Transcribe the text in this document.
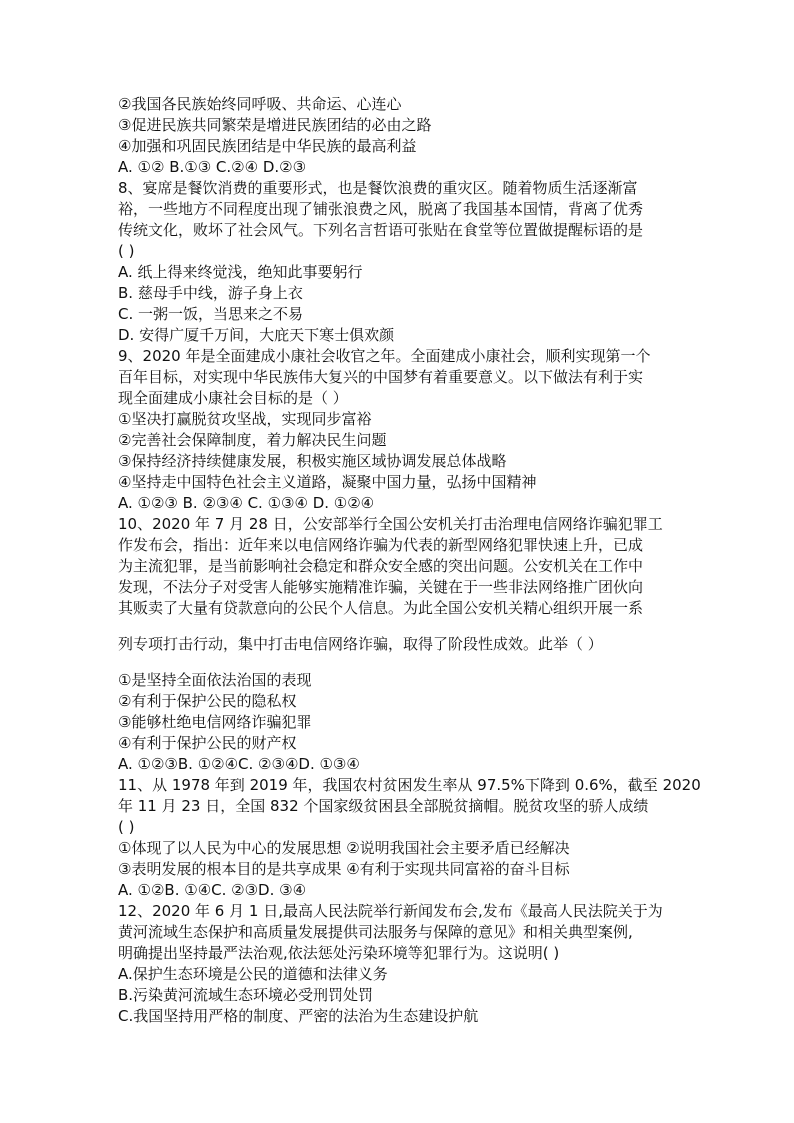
②我国各民族始终同呼吸、共命运、心连心
③促进民族共同繁荣是增进民族团结的必由之路
④加强和巩固民族团结是中华民族的最高利益
A. ①② B.①③ C.②④ D.②③
8、宴席是餐饮消费的重要形式，也是餐饮浪费的重灾区。随着物质生活逐渐富
裕，一些地方不同程度出现了铺张浪费之风，脱离了我国基本国情，背离了优秀
传统文化，败坏了社会风气。下列名言哲语可张贴在食堂等位置做提醒标语的是
( )
A. 纸上得来终觉浅，绝知此事要躬行
B. 慈母手中线，游子身上衣
C. 一粥一饭，当思来之不易
D. 安得广厦千万间，大庇天下寒士俱欢颜
9、2020 年是全面建成小康社会收官之年。全面建成小康社会，顺利实现第一个
百年目标，对实现中华民族伟大复兴的中国梦有着重要意义。以下做法有利于实
现全面建成小康社会目标的是（ ）
①坚决打赢脱贫攻坚战，实现同步富裕
②完善社会保障制度，着力解决民生问题
③保持经济持续健康发展，积极实施区域协调发展总体战略
④坚持走中国特色社会主义道路，凝聚中国力量，弘扬中国精神
A. ①②③ B. ②③④ C. ①③④ D. ①②④
10、2020 年 7 月 28 日，公安部举行全国公安机关打击治理电信网络诈骗犯罪工
作发布会，指出：近年来以电信网络诈骗为代表的新型网络犯罪快速上升，已成
为主流犯罪，是当前影响社会稳定和群众安全感的突出问题。公安机关在工作中
发现，不法分子对受害人能够实施精准诈骗，关键在于一些非法网络推广团伙向
其贩卖了大量有贷款意向的公民个人信息。为此全国公安机关精心组织开展一系
列专项打击行动，集中打击电信网络诈骗，取得了阶段性成效。此举（ ）
①是坚持全面依法治国的表现
②有利于保护公民的隐私权
③能够杜绝电信网络诈骗犯罪
④有利于保护公民的财产权
A. ①②③B. ①②④C. ②③④D. ①③④
11、从 1978 年到 2019 年，我国农村贫困发生率从 97.5%下降到 0.6%，截至 2020
年 11 月 23 日，全国 832 个国家级贫困县全部脱贫摘帽。脱贫攻坚的骄人成绩
( )
①体现了以人民为中心的发展思想 ②说明我国社会主要矛盾已经解决
③表明发展的根本目的是共享成果 ④有利于实现共同富裕的奋斗目标
A. ①②B. ①④C. ②③D. ③④
12、2020 年 6 月 1 日,最高人民法院举行新闻发布会,发布《最高人民法院关于为
黄河流域生态保护和高质量发展提供司法服务与保障的意见》和相关典型案例,
明确提出坚持最严法治观,依法惩处污染环境等犯罪行为。这说明( )
A.保护生态环境是公民的道德和法律义务
B.污染黄河流域生态环境必受刑罚处罚
C.我国坚持用严格的制度、严密的法治为生态建设护航
